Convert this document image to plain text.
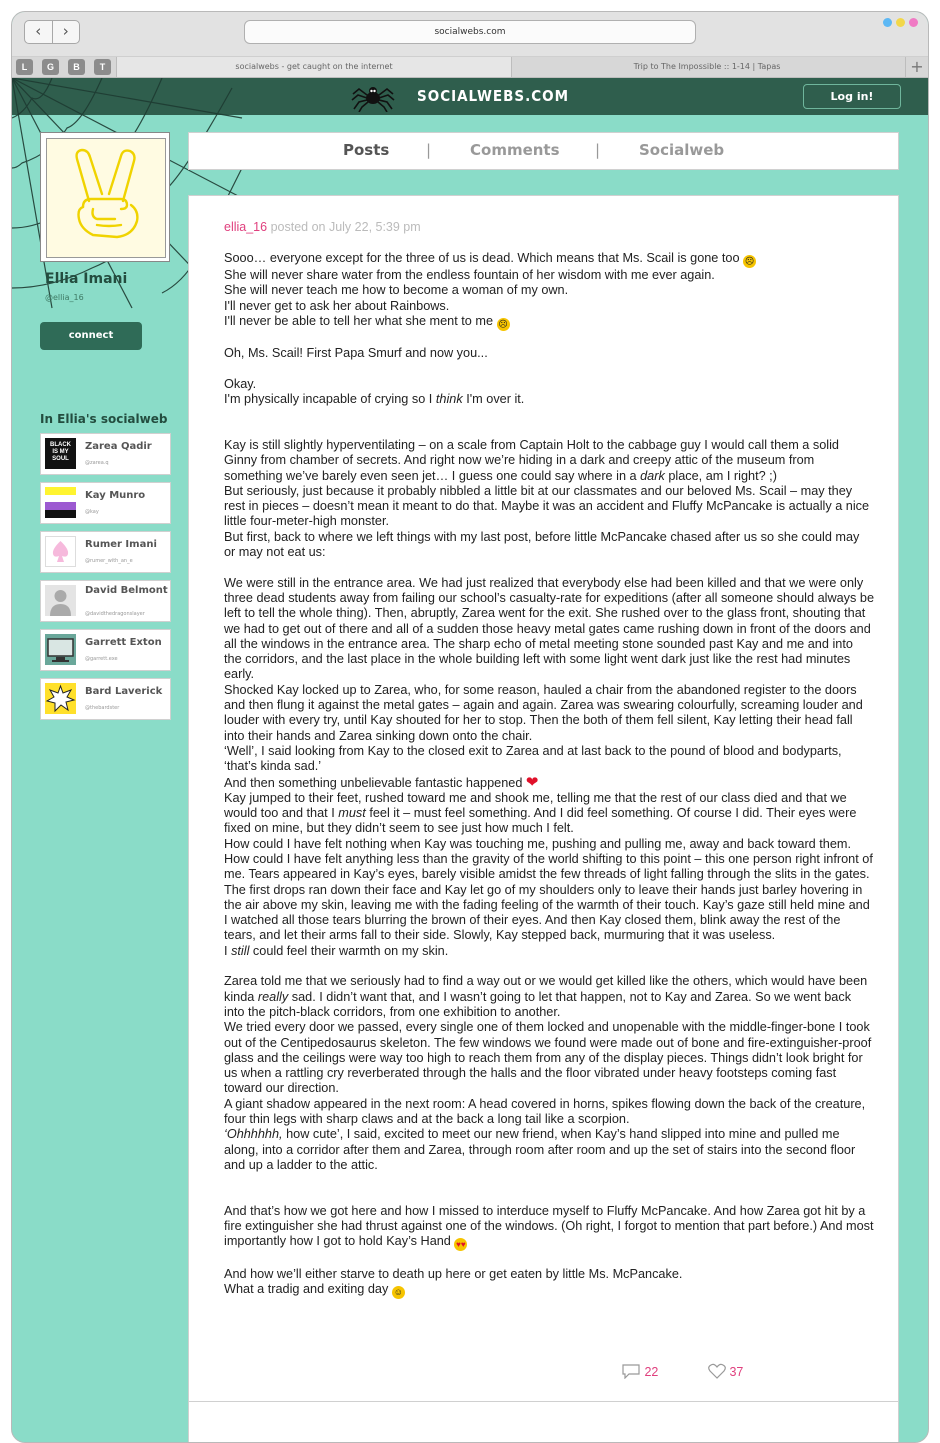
‹	›	socialwebs.com
L	G	B	T	socialwebs - get caught on the internet	Trip to The Impossible :: 1-14 | Tapas	+
SOCIALWEBS.COM	Log in!
Ellia Imani
@ellia_16
connect
In Ellia's socialweb
BLACK
IS MY
SOUL
Zarea Qadir
@zarea.q
Kay Munro
@kay
Rumer Imani
@rumer_with_an_e
David Belmont
@davidthedragonslayer
Garrett Exton
@garrett.exe
Bard Laverick
@thebardster
Posts |	Comments |	Socialweb
ellia_16 posted on July 22, 5:39 pm

Sooo… everyone except for the three of us is dead. Which means that Ms. Scail is gone too ☹

She will never share water from the endless fountain of her wisdom with me ever again.

She will never teach me how to become a woman of my own.

I'll never get to ask her about Rainbows.

I'll never be able to tell her what she ment to me ☹

Oh, Ms. Scail! First Papa Smurf and now you...

Okay.

I'm physically incapable of crying so I think I'm over it.

Kay is still slightly hyperventilating – on a scale from Captain Holt to the cabbage guy I would call them a solid Ginny from chamber of secrets. And right now we’re hiding in a dark and creepy attic of the museum from something we’ve barely even seen jet… I guess one could say where in a dark place, am I right? ;)

But seriously, just because it probably nibbled a little bit at our classmates and our beloved Ms. Scail – may they rest in pieces – doesn’t mean it meant to do that. Maybe it was an accident and Fluffy McPancake is actually a nice little four-meter-high monster.

But first, back to where we left things with my last post, before little McPancake chased after us so she could may or may not eat us:

We were still in the entrance area. We had just realized that everybody else had been killed and that we were only three dead students away from failing our school’s casualty-rate for expeditions (after all someone should always be left to tell the whole thing). Then, abruptly, Zarea went for the exit. She rushed over to the glass front, shouting that we had to get out of there and all of a sudden those heavy metal gates came rushing down in front of the doors and all the windows in the entrance area. The sharp echo of metal meeting stone sounded past Kay and me and into the corridors, and the last place in the whole building left with some light went dark just like the rest had minutes early.

Shocked Kay locked up to Zarea, who, for some reason, hauled a chair from the abandoned register to the doors and then flung it against the metal gates – again and again. Zarea was swearing colourfully, screaming louder and louder with every try, until Kay shouted for her to stop. Then the both of them fell silent, Kay letting their head fall into their hands and Zarea sinking down onto the chair.

‘Well’, I said looking from Kay to the closed exit to Zarea and at last back to the pound of blood and bodyparts, ‘that’s kinda sad.’

And then something unbelievable fantastic happened ❤

Kay jumped to their feet, rushed toward me and shook me, telling me that the rest of our class died and that we would too and that I must feel it – must feel something. And I did feel something. Of course I did. Their eyes were fixed on mine, but they didn’t seem to see just how much I felt.

How could I have felt nothing when Kay was touching me, pushing and pulling me, away and back toward them. How could I have felt anything less than the gravity of the world shifting to this point – this one person right infront of me. Tears appeared in Kay’s eyes, barely visible amidst the few threads of light falling through the slits in the gates. The first drops ran down their face and Kay let go of my shoulders only to leave their hands just barley hovering in the air above my skin, leaving me with the fading feeling of the warmth of their touch. Kay’s gaze still held mine and I watched all those tears blurring the brown of their eyes. And then Kay closed them, blink away the rest of the tears, and let their arms fall to their side. Slowly, Kay stepped back, murmuring that it was useless.

I still could feel their warmth on my skin.

Zarea told me that we seriously had to find a way out or we would get killed like the others, which would have been kinda really sad. I didn’t want that, and I wasn’t going to let that happen, not to Kay and Zarea. So we went back into the pitch-black corridors, from one exhibition to another.

We tried every door we passed, every single one of them locked and unopenable with the middle-finger-bone I took out of the Centipedosaurus skeleton. The few windows we found were made out of bone and fire-extinguisher-proof glass and the ceilings were way too high to reach them from any of the display pieces. Things didn’t look bright for us when a rattling cry reverberated through the halls and the floor vibrated under heavy footsteps coming fast toward our direction.

A giant shadow appeared in the next room: A head covered in horns, spikes flowing down the back of the creature, four thin legs with sharp claws and at the back a long tail like a scorpion.

‘Ohhhhhh, how cute’, I said, excited to meet our new friend, when Kay’s hand slipped into mine and pulled me along, into a corridor after them and Zarea, through room after room and up the set of stairs into the second floor and up a ladder to the attic.

And that’s how we got here and how I missed to interduce myself to Fluffy McPancake. And how Zarea got hit by a fire extinguisher she had thrust against one of the windows. (Oh right, I forgot to mention that part before.) And most importantly how I got to hold Kay’s Hand ♥♥

And how we’ll either starve to death up here or get eaten by little Ms. McPancake.

What a tradig and exiting day ☺

22	37
